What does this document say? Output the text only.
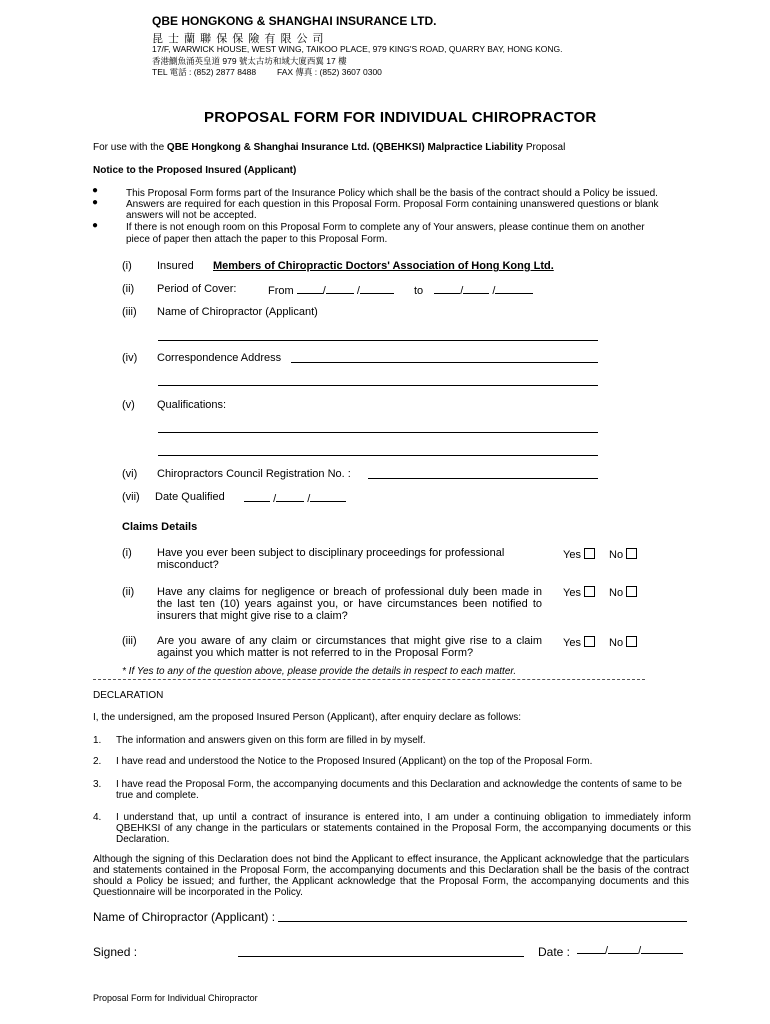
QBE HONGKONG & SHANGHAI INSURANCE LTD.
昆 士 蘭 聯 保 保 險 有 限 公 司
17/F, WARWICK HOUSE, WEST WING, TAIKOO PLACE, 979 KING'S ROAD, QUARRY BAY, HONG KONG.
香港鰂魚涌英皇道 979 號太古坊和域大廈西翼 17 樓
TEL 電話 : (852) 2877 8488 FAX 傳真 : (852) 3607 0300
PROPOSAL FORM FOR INDIVIDUAL CHIROPRACTOR
For use with the QBE Hongkong & Shanghai Insurance Ltd. (QBEHKSI) Malpractice Liability Proposal
Notice to the Proposed Insured (Applicant)
●	This Proposal Form forms part of the Insurance Policy which shall be the basis of the contract should a Policy be issued.
●	Answers are required for each question in this Proposal Form. Proposal Form containing unanswered questions or blank answers will not be accepted.
●	If there is not enough room on this Proposal Form to complete any of Your answers, please continue them on another piece of paper then attach the paper to this Proposal Form.
(i) Insured Members of Chiropractic Doctors' Association of Hong Kong Ltd.
(ii) Period of Cover:	From	/	/	to	/	/
(iii) Name of Chiropractor (Applicant)
(iv) Correspondence Address
(v) Qualifications:
(vi) Chiropractors Council Registration No. :
(vii) Date Qualified	/	/
Claims Details
(i) Have you ever been subject to disciplinary proceedings for professional misconduct?
Yes	No
(ii) Have any claims for negligence or breach of professional duly been made in the last ten (10) years against you, or have circumstances been notified to insurers that might give rise to a claim?
Yes	No
(iii) Are you aware of any claim or circumstances that might give rise to a claim against you which matter is not referred to in the Proposal Form?
Yes	No
* If Yes to any of the question above, please provide the details in respect to each matter.
DECLARATION
I, the undersigned, am the proposed Insured Person (Applicant), after enquiry declare as follows:
1. The information and answers given on this form are filled in by myself.
2. I have read and understood the Notice to the Proposed Insured (Applicant) on the top of the Proposal Form.
3. I have read the Proposal Form, the accompanying documents and this Declaration and acknowledge the contents of same to be true and complete.
4. I understand that, up until a contract of insurance is entered into, I am under a continuing obligation to immediately inform QBEHKSI of any change in the particulars or statements contained in the Proposal Form, the accompanying documents or this Declaration.
Although the signing of this Declaration does not bind the Applicant to effect insurance, the Applicant acknowledge that the particulars and statements contained in the Proposal Form, the accompanying documents and this Declaration shall be the basis of the contract should a Policy be issued; and further, the Applicant acknowledge that the Proposal Form, the accompanying documents and this Questionnaire will be incorporated in the Policy.
Name of Chiropractor (Applicant) :
Signed :	Date :	/	/
Proposal Form for Individual Chiropractor
